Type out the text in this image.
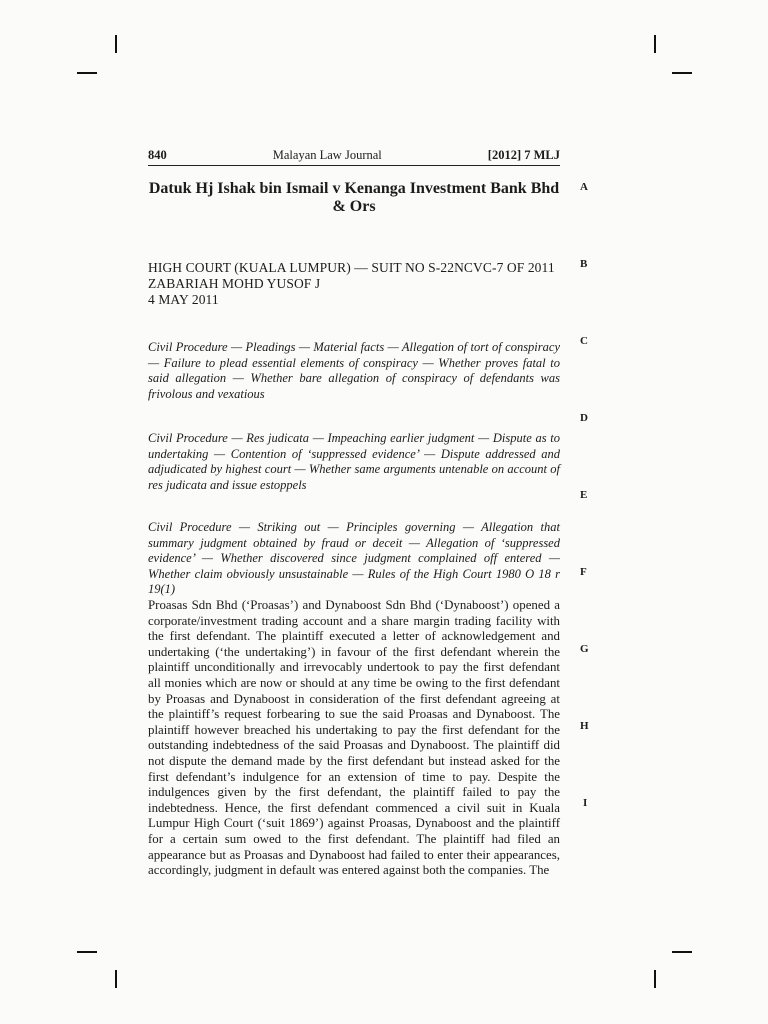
840	Malayan Law Journal	[2012] 7 MLJ
Datuk Hj Ishak bin Ismail v Kenanga Investment Bank Bhd & Ors
HIGH COURT (KUALA LUMPUR) — SUIT NO S-22NCVC-7 OF 2011
ZABARIAH MOHD YUSOF J
4 MAY 2011
Civil Procedure — Pleadings — Material facts — Allegation of tort of conspiracy — Failure to plead essential elements of conspiracy — Whether proves fatal to said allegation — Whether bare allegation of conspiracy of defendants was frivolous and vexatious
Civil Procedure — Res judicata — Impeaching earlier judgment — Dispute as to undertaking — Contention of ‘suppressed evidence’ — Dispute addressed and adjudicated by highest court — Whether same arguments untenable on account of res judicata and issue estoppels
Civil Procedure — Striking out — Principles governing — Allegation that summary judgment obtained by fraud or deceit — Allegation of ‘suppressed evidence’ — Whether discovered since judgment complained off entered — Whether claim obviously unsustainable — Rules of the High Court 1980 O 18 r 19(1)
Proasas Sdn Bhd (‘Proasas’) and Dynaboost Sdn Bhd (‘Dynaboost’) opened a corporate/investment trading account and a share margin trading facility with the first defendant. The plaintiff executed a letter of acknowledgement and undertaking (‘the undertaking’) in favour of the first defendant wherein the plaintiff unconditionally and irrevocably undertook to pay the first defendant all monies which are now or should at any time be owing to the first defendant by Proasas and Dynaboost in consideration of the first defendant agreeing at the plaintiff’s request forbearing to sue the said Proasas and Dynaboost. The plaintiff however breached his undertaking to pay the first defendant for the outstanding indebtedness of the said Proasas and Dynaboost. The plaintiff did not dispute the demand made by the first defendant but instead asked for the first defendant’s indulgence for an extension of time to pay. Despite the indulgences given by the first defendant, the plaintiff failed to pay the indebtedness. Hence, the first defendant commenced a civil suit in Kuala Lumpur High Court (‘suit 1869’) against Proasas, Dynaboost and the plaintiff for a certain sum owed to the first defendant. The plaintiff had filed an appearance but as Proasas and Dynaboost had failed to enter their appearances, accordingly, judgment in default was entered against both the companies. The
A
B
C
D
E
F
G
H
I
